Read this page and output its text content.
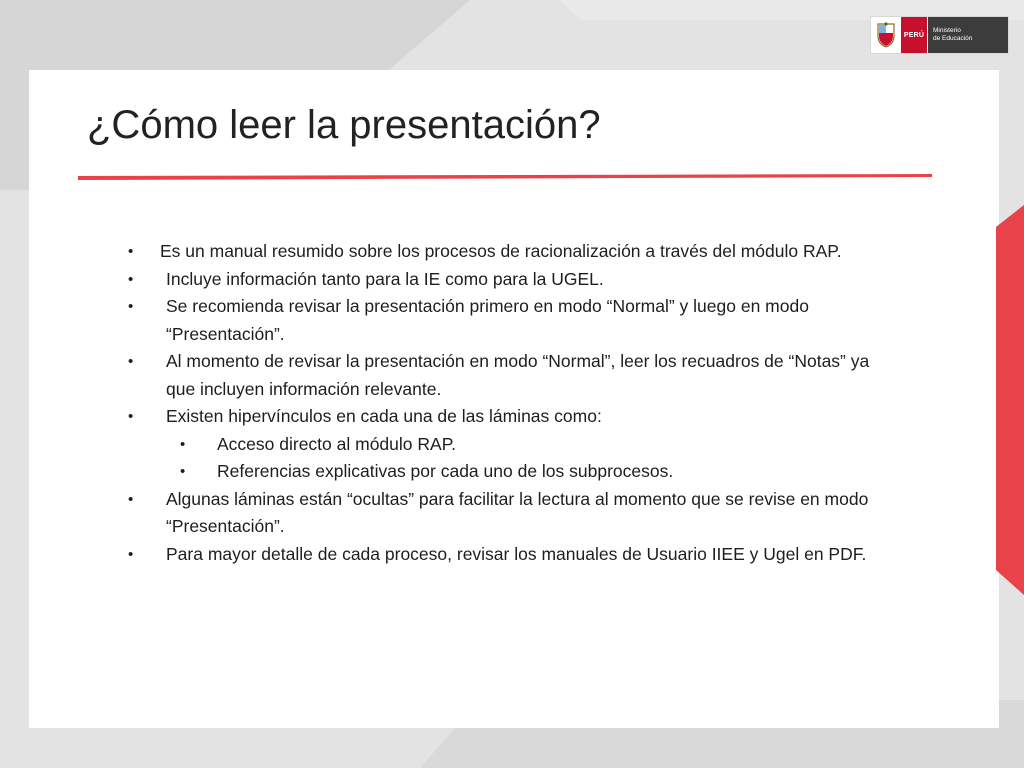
PERÚ
Ministerio
de Educación
¿Cómo leer la presentación?
• Es un manual resumido sobre los procesos de racionalización a través del módulo RAP.
• Incluye información tanto para la IE como para la UGEL.
• Se recomienda revisar la presentación primero en modo “Normal” y luego en modo “Presentación”.
• Al momento de revisar la presentación en modo “Normal”, leer los recuadros de “Notas” ya que incluyen información relevante.
• Existen hipervínculos en cada una de las láminas como:
• Acceso directo al módulo RAP.
• Referencias explicativas por cada uno de los subprocesos.
• Algunas láminas están “ocultas” para facilitar la lectura al momento que se revise en modo “Presentación”.
• Para mayor detalle de cada proceso, revisar los manuales de Usuario IIEE y Ugel en PDF.
